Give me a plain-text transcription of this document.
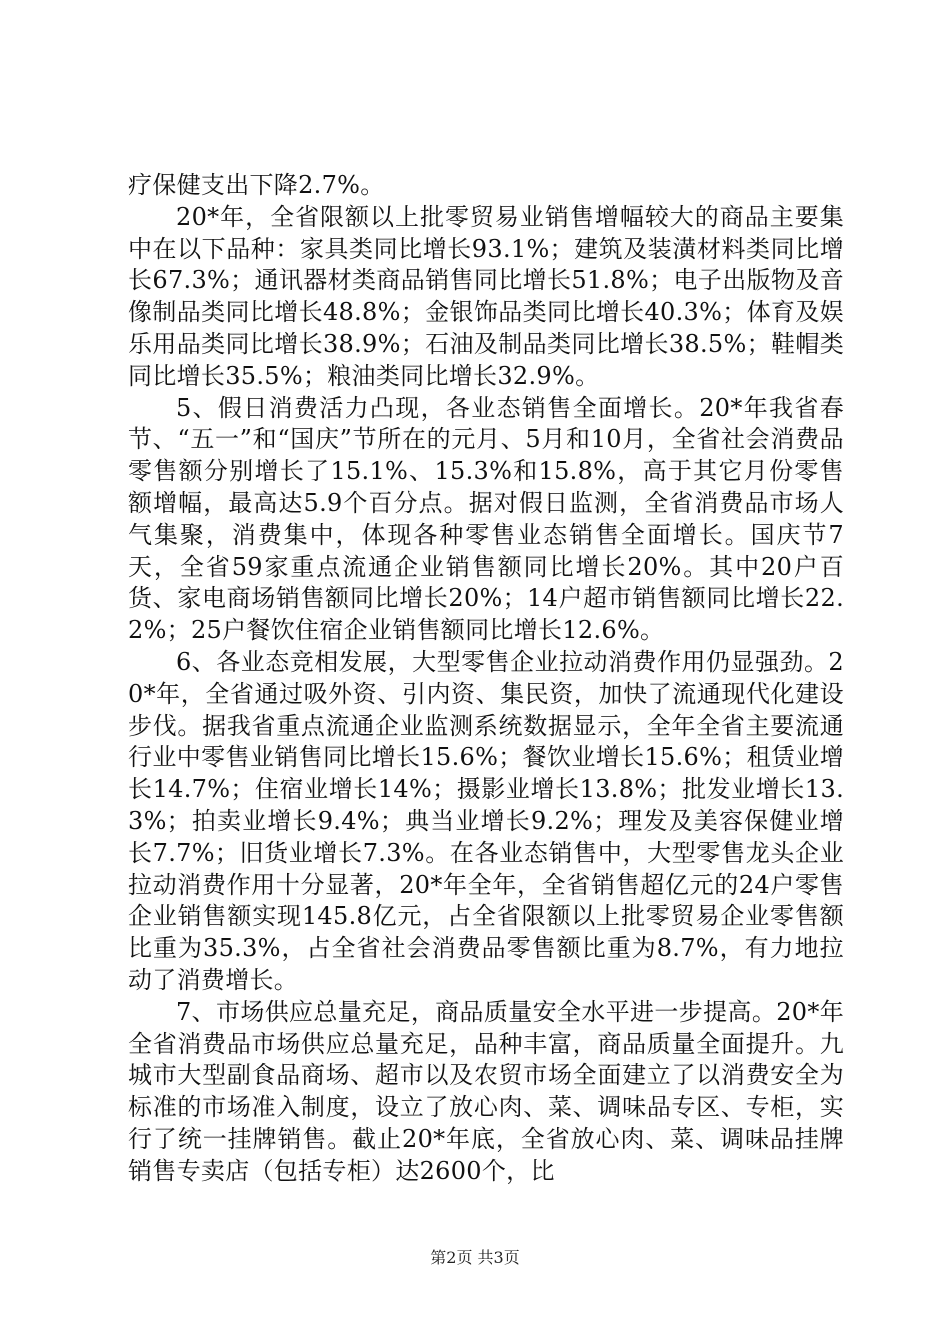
疗保健支出下降2.7%。

20*年，全省限额以上批零贸易业销售增幅较大的商品主要集中在以下品种：家具类同比增长93.1%；建筑及装潢材料类同比增长67.3%；通讯器材类商品销售同比增长51.8%；电子出版物及音像制品类同比增长48.8%；金银饰品类同比增长40.3%；体育及娱乐用品类同比增长38.9%；石油及制品类同比增长38.5%；鞋帽类同比增长35.5%；粮油类同比增长32.9%。

5、假日消费活力凸现，各业态销售全面增长。20*年我省春节、“五一”和“国庆”节所在的元月、5月和10月，全省社会消费品零售额分别增长了15.1%、15.3%和15.8%，高于其它月份零售额增幅，最高达5.9个百分点。据对假日监测，全省消费品市场人气集聚，消费集中，体现各种零售业态销售全面增长。国庆节7天，全省59家重点流通企业销售额同比增长20%。其中20户百货、家电商场销售额同比增长20%；14户超市销售额同比增长22.2%；25户餐饮住宿企业销售额同比增长12.6%。

6、各业态竞相发展，大型零售企业拉动消费作用仍显强劲。20*年，全省通过吸外资、引内资、集民资，加快了流通现代化建设步伐。据我省重点流通企业监测系统数据显示，全年全省主要流通行业中零售业销售同比增长15.6%；餐饮业增长15.6%；租赁业增长14.7%；住宿业增长14%；摄影业增长13.8%；批发业增长13.3%；拍卖业增长9.4%；典当业增长9.2%；理发及美容保健业增长7.7%；旧货业增长7.3%。在各业态销售中，大型零售龙头企业拉动消费作用十分显著，20*年全年，全省销售超亿元的24户零售企业销售额实现145.8亿元，占全省限额以上批零贸易企业零售额比重为35.3%，占全省社会消费品零售额比重为8.7%，有力地拉动了消费增长。

7、市场供应总量充足，商品质量安全水平进一步提高。20*年全省消费品市场供应总量充足，品种丰富，商品质量全面提升。九城市大型副食品商场、超市以及农贸市场全面建立了以消费安全为标准的市场准入制度，设立了放心肉、菜、调味品专区、专柜，实行了统一挂牌销售。截止20*年底，全省放心肉、菜、调味品挂牌销售专卖店（包括专柜）达2600个，比

第2页 共3页
